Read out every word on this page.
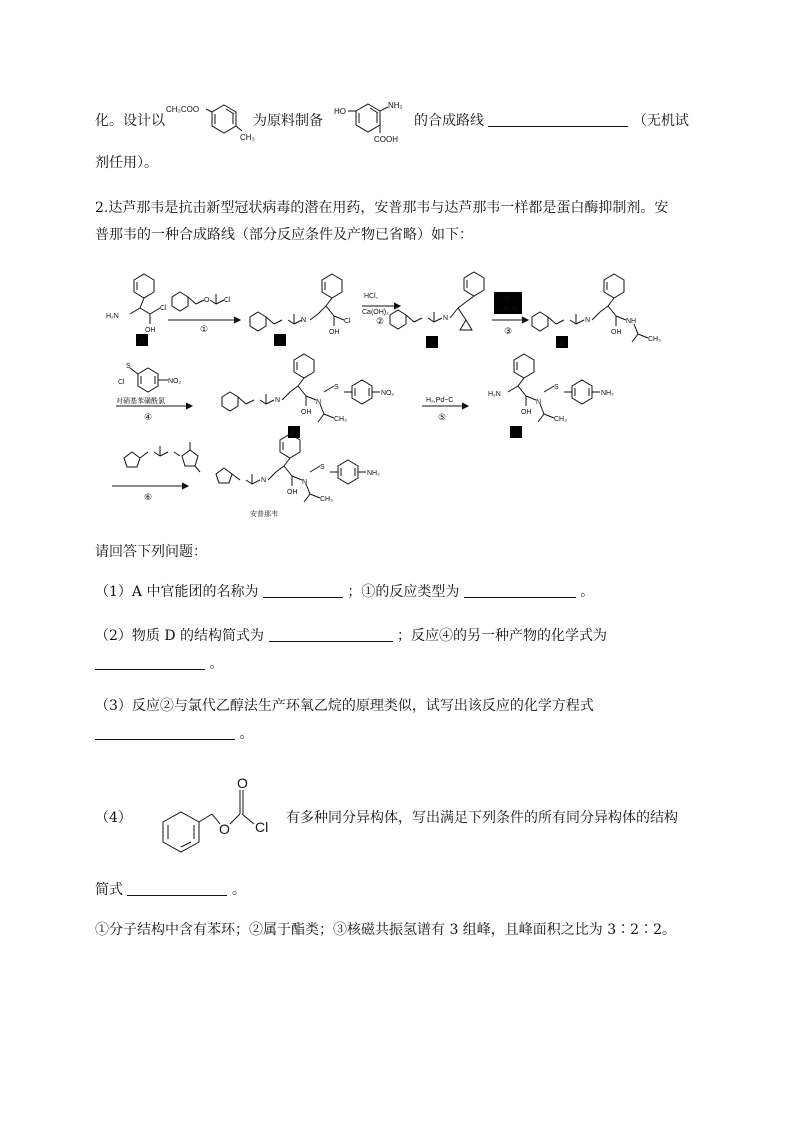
化。设计以
CH₃COO
CH₃
为原料制备
HO
NH₂
COOH
的合成路线	（无机试
剂任用）。
2.达芦那韦是抗击新型冠状病毒的潜在用药，安普那韦与达芦那韦一样都是蛋白酶抑制剂。安
普那韦的一种合成路线（部分反应条件及产物已省略）如下：
A	B	C	E
F	G
①
HCl、
Ca(OH)₂
②
D
(C₄H₁₁N)
③
对硝基苯磺酰氯
④
H₂,Pd−C
⑤
⑥
安普那韦
H₂N
OH
Cl
O Cl
N
OH
Cl	N	N
OH
NH
CH₃
Cl
S
NO₂
N
OH
N
CH₃
S
NO₂	H₂N
OH
N
CH₃
S
NH₂
N
OH
N
CH₃
S
NH₂
请回答下列问题：
（1）A 中官能团的名称为	；①的反应类型为	。
（2）物质 D 的结构简式为	；反应④的另一种产物的化学式为
。
（3）反应②与氯代乙醇法生产环氧乙烷的原理类似，试写出该反应的化学方程式
。
（4）
O
O Cl
有多种同分异构体，写出满足下列条件的所有同分异构体的结构
简式	。
①分子结构中含有苯环；②属于酯类；③核磁共振氢谱有 3 组峰，且峰面积之比为 3∶2∶2。
